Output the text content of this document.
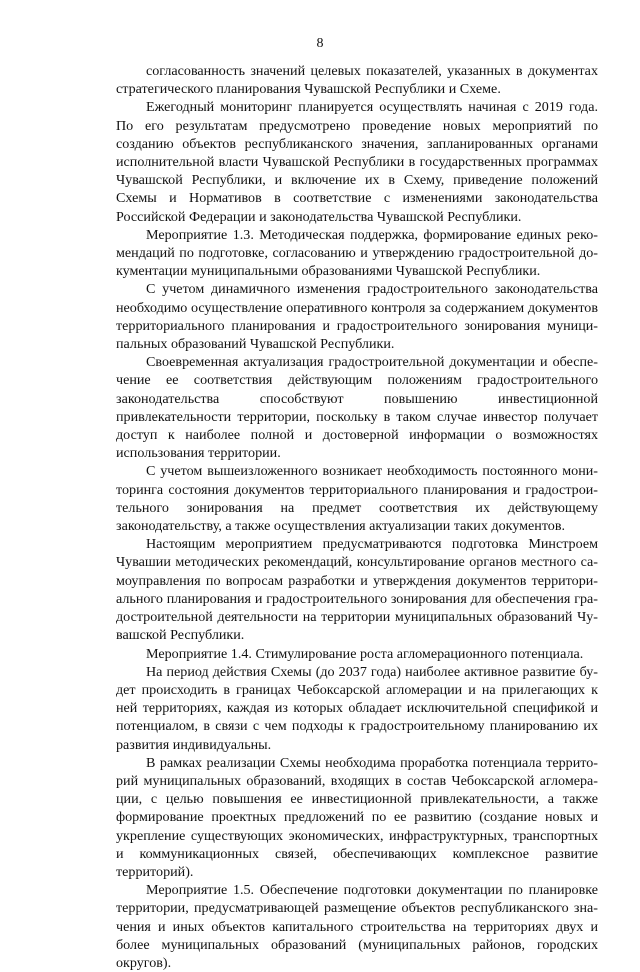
8

согласованность значений целевых показателей, указанных в документах стратегического планирования Чувашской Республики и Схеме.

Ежегодный мониторинг планируется осуществлять начиная с 2019 года. По его результатам предусмотрено проведение новых мероприятий по созданию объектов республиканского значения, запланированных органами исполнительной власти Чувашской Республики в государственных программах Чувашской Республики, и включение их в Схему, приведение положений Схемы и Нормативов в соответствие с изменениями законодательства Российской Федерации и законодательства Чувашской Республики.

Мероприятие 1.3. Методическая поддержка, формирование единых рекомендаций по подготовке, согласованию и утверждению градостроительной документации муниципальными образованиями Чувашской Республики.

С учетом динамичного изменения градостроительного законодательства необходимо осуществление оперативного контроля за содержанием документов территориального планирования и градостроительного зонирования муниципальных образований Чувашской Республики.

Своевременная актуализация градостроительной документации и обеспечение ее соответствия действующим положениям градостроительного законодательства способствуют повышению инвестиционной привлекательности территории, поскольку в таком случае инвестор получает доступ к наиболее полной и достоверной информации о возможностях использования территории.

С учетом вышеизложенного возникает необходимость постоянного мониторинга состояния документов территориального планирования и градостроительного зонирования на предмет соответствия их действующему законодательству, а также осуществления актуализации таких документов.

Настоящим мероприятием предусматриваются подготовка Минстроем Чувашии методических рекомендаций, консультирование органов местного самоуправления по вопросам разработки и утверждения документов территориального планирования и градостроительного зонирования для обеспечения градостроительной деятельности на территории муниципальных образований Чувашской Республики.

Мероприятие 1.4. Стимулирование роста агломерационного потенциала.

На период действия Схемы (до 2037 года) наиболее активное развитие будет происходить в границах Чебоксарской агломерации и на прилегающих к ней территориях, каждая из которых обладает исключительной спецификой и потенциалом, в связи с чем подходы к градостроительному планированию их развития индивидуальны.

В рамках реализации Схемы необходима проработка потенциала территорий муниципальных образований, входящих в состав Чебоксарской агломерации, с целью повышения ее инвестиционной привлекательности, а также формирование проектных предложений по ее развитию (создание новых и укрепление существующих экономических, инфраструктурных, транспортных и коммуникационных связей, обеспечивающих комплексное развитие территорий).

Мероприятие 1.5. Обеспечение подготовки документации по планировке территории, предусматривающей размещение объектов республиканского значения и иных объектов капитального строительства на территориях двух и более муниципальных образований (муниципальных районов, городских округов).
